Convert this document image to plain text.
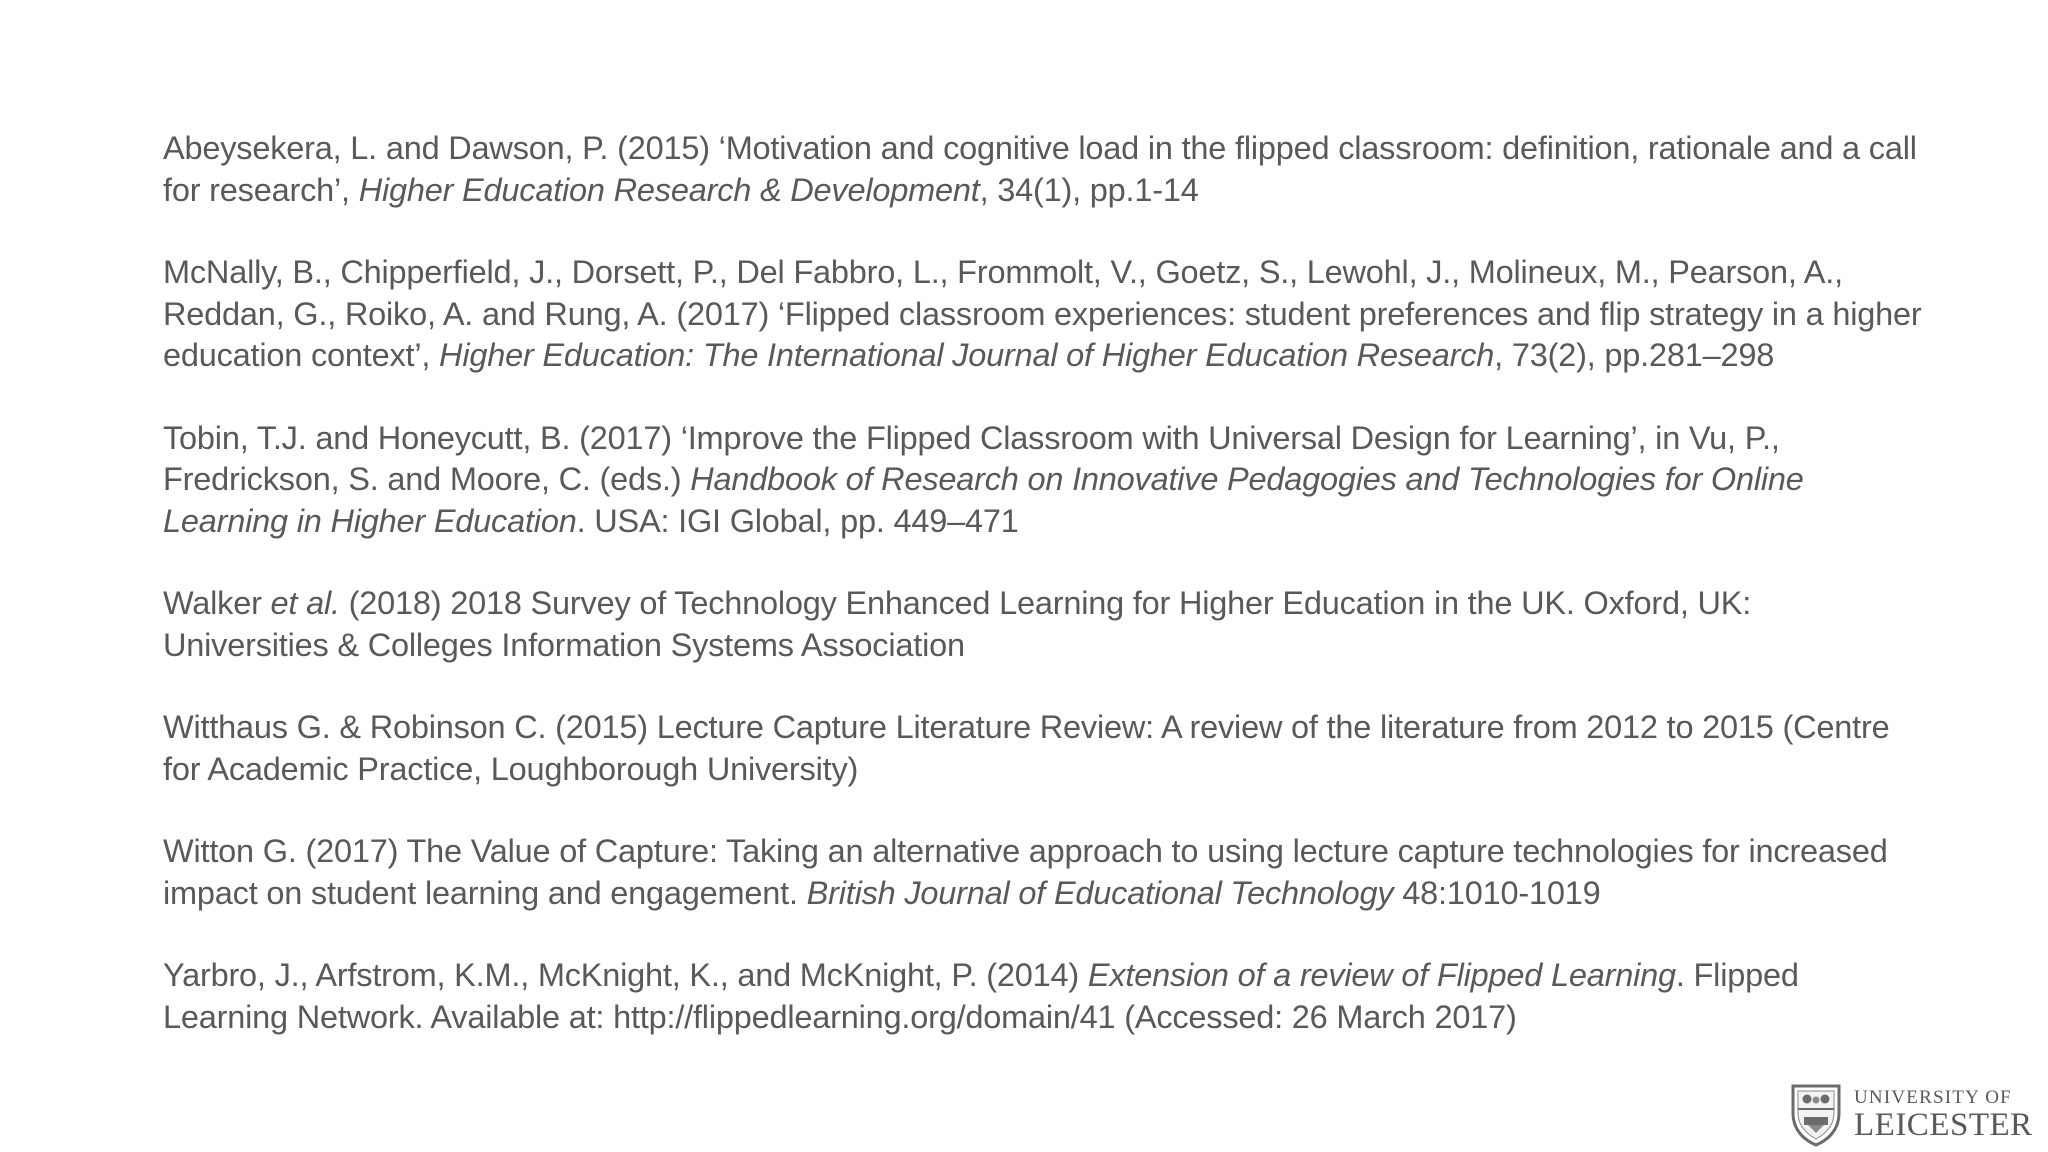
Abeysekera, L. and Dawson, P. (2015) ‘Motivation and cognitive load in the flipped classroom: definition, rationale and a call for research’, Higher Education Research & Development, 34(1), pp.1-14

McNally, B., Chipperfield, J., Dorsett, P., Del Fabbro, L., Frommolt, V., Goetz, S., Lewohl, J., Molineux, M., Pearson, A., Reddan, G., Roiko, A. and Rung, A. (2017) ‘Flipped classroom experiences: student preferences and flip strategy in a higher education context’, Higher Education: The International Journal of Higher Education Research, 73(2), pp.281–298

Tobin, T.J. and Honeycutt, B. (2017) ‘Improve the Flipped Classroom with Universal Design for Learning’, in Vu, P., Fredrickson, S. and Moore, C. (eds.) Handbook of Research on Innovative Pedagogies and Technologies for Online Learning in Higher Education. USA: IGI Global, pp. 449–471

Walker et al. (2018) 2018 Survey of Technology Enhanced Learning for Higher Education in the UK. Oxford, UK: Universities & Colleges Information Systems Association

Witthaus G. & Robinson C. (2015) Lecture Capture Literature Review: A review of the literature from 2012 to 2015 (Centre for Academic Practice, Loughborough University)

Witton G. (2017) The Value of Capture: Taking an alternative approach to using lecture capture technologies for increased impact on student learning and engagement. British Journal of Educational Technology 48:1010-1019

Yarbro, J., Arfstrom, K.M., McKnight, K., and McKnight, P. (2014) Extension of a review of Flipped Learning. Flipped Learning Network. Available at: http://flippedlearning.org/domain/41 (Accessed: 26 March 2017)

UNIVERSITY OF
LEICESTER
